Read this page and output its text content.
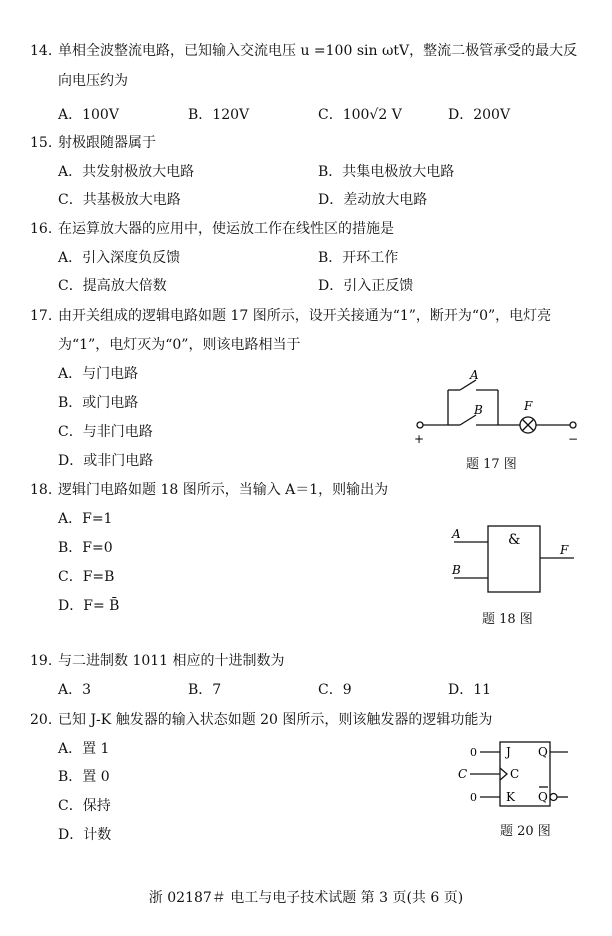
14. 单相全波整流电路，已知输入交流电压 u =100 sin ωtV，整流二极管承受的最大反
向电压约为
A．100V	B．120V	C．100√2 V	D．200V
15. 射极跟随器属于
A．共发射极放大电路	B．共集电极放大电路
C．共基极放大电路	D．差动放大电路
16. 在运算放大器的应用中，使运放工作在线性区的措施是
A．引入深度负反馈	B．开环工作
C．提高放大倍数	D．引入正反馈
17. 由开关组成的逻辑电路如题 17 图所示，设开关接通为“1”，断开为“0”，电灯亮
为“1”，电灯灭为“0”，则该电路相当于
A．与门电路
B．或门电路
C．与非门电路
D．或非门电路
A
B	F
+	−
题 17 图
18. 逻辑门电路如题 18 图所示，当输入 A＝1，则输出为
A．F=1
B．F=0
C．F=B
D．F= B̄
A
B
&
F
题 18 图
19. 与二进制数 1011 相应的十进制数为
A．3	B．7	C．9	D．11
20. 已知 J-K 触发器的输入状态如题 20 图所示，则该触发器的逻辑功能为
A．置 1
B．置 0
C．保持
D．计数
0
0
C
J
C
K
Q
Q
题 20 图
浙 02187＃ 电工与电子技术试题 第 3 页(共 6 页)
